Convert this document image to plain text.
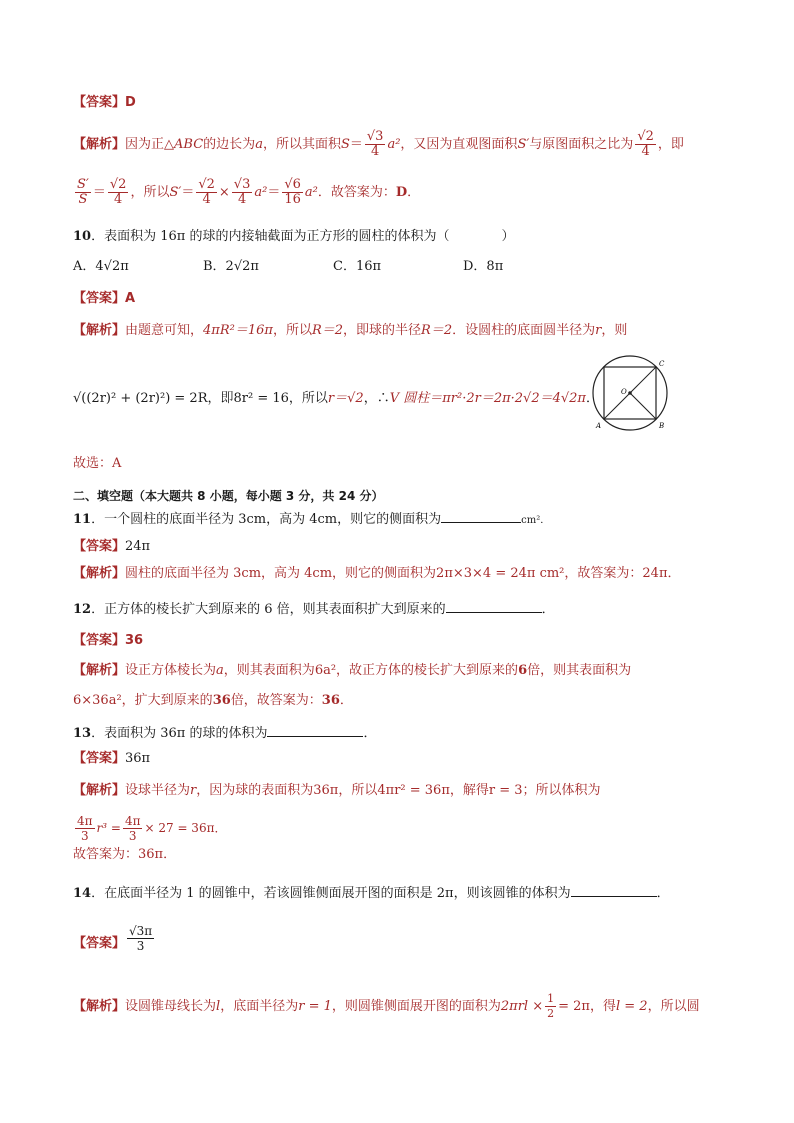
【答案】D
【解析】因为正△ABC的边长为a，所以其面积$S= \frac{√3}{4} a^2$，又因为直观图面积S′与原图面积之比为 $\frac{√2}{4}$ ，即
$\frac{S'}{S} = \frac{√2}{4}$ ，所以$S'= \frac{√2}{4} \times \frac{√3}{4} a^2= \frac{√6}{16} a^2$．故答案为：D．
10．表面积为 16π 的球的内接轴截面为正方形的圆柱的体积为（　　　　）
A．4√2π	B．2√2π	C．16π	D．8π
【答案】A
【解析】由题意可知，4πR²＝16π，所以R＝2，即球的半径R＝2．设圆柱的底面圆半径为r，则
√((2r)² + (2r)²) = 2R，即8r² = 16，所以r＝√2，∴V 圆柱＝πr²·2r＝2π·2√2＝4√2π．
C
O
A	B
故选：A
二、填空题（本大题共 8 小题，每小题 3 分，共 24 分）
11．一个圆柱的底面半径为 3cm，高为 4cm，则它的侧面积为	cm²．
【答案】24π
【解析】圆柱的底面半径为 3cm，高为 4cm，则它的侧面积为2π×3×4 = 24π cm²，故答案为：24π．
12．正方体的棱长扩大到原来的 6 倍，则其表面积扩大到原来的	．
【答案】36
【解析】设正方体棱长为a，则其表面积为6a²，故正方体的棱长扩大到原来的6倍，则其表面积为
6×36a²，扩大到原来的36倍，故答案为：36．
13．表面积为 36π 的球的体积为	．
【答案】36π
【解析】设球半径为r，因为球的表面积为36π，所以4πr² = 36π，解得r = 3；所以体积为
$\frac{4\pi}{3} r^3 = \frac{4\pi}{3} \times 27 = 36\pi$．
故答案为：36π．
14．在底面半径为 1 的圆锥中，若该圆锥侧面展开图的面积是 2π，则该圆锥的体积为	．
【答案】 $\frac{√3\pi}{3}$
【解析】设圆锥母线长为l，底面半径为r = 1，则圆锥侧面展开图的面积为$2\pi rl \times \frac{1}{2} = 2\pi$，得l = 2，所以圆
